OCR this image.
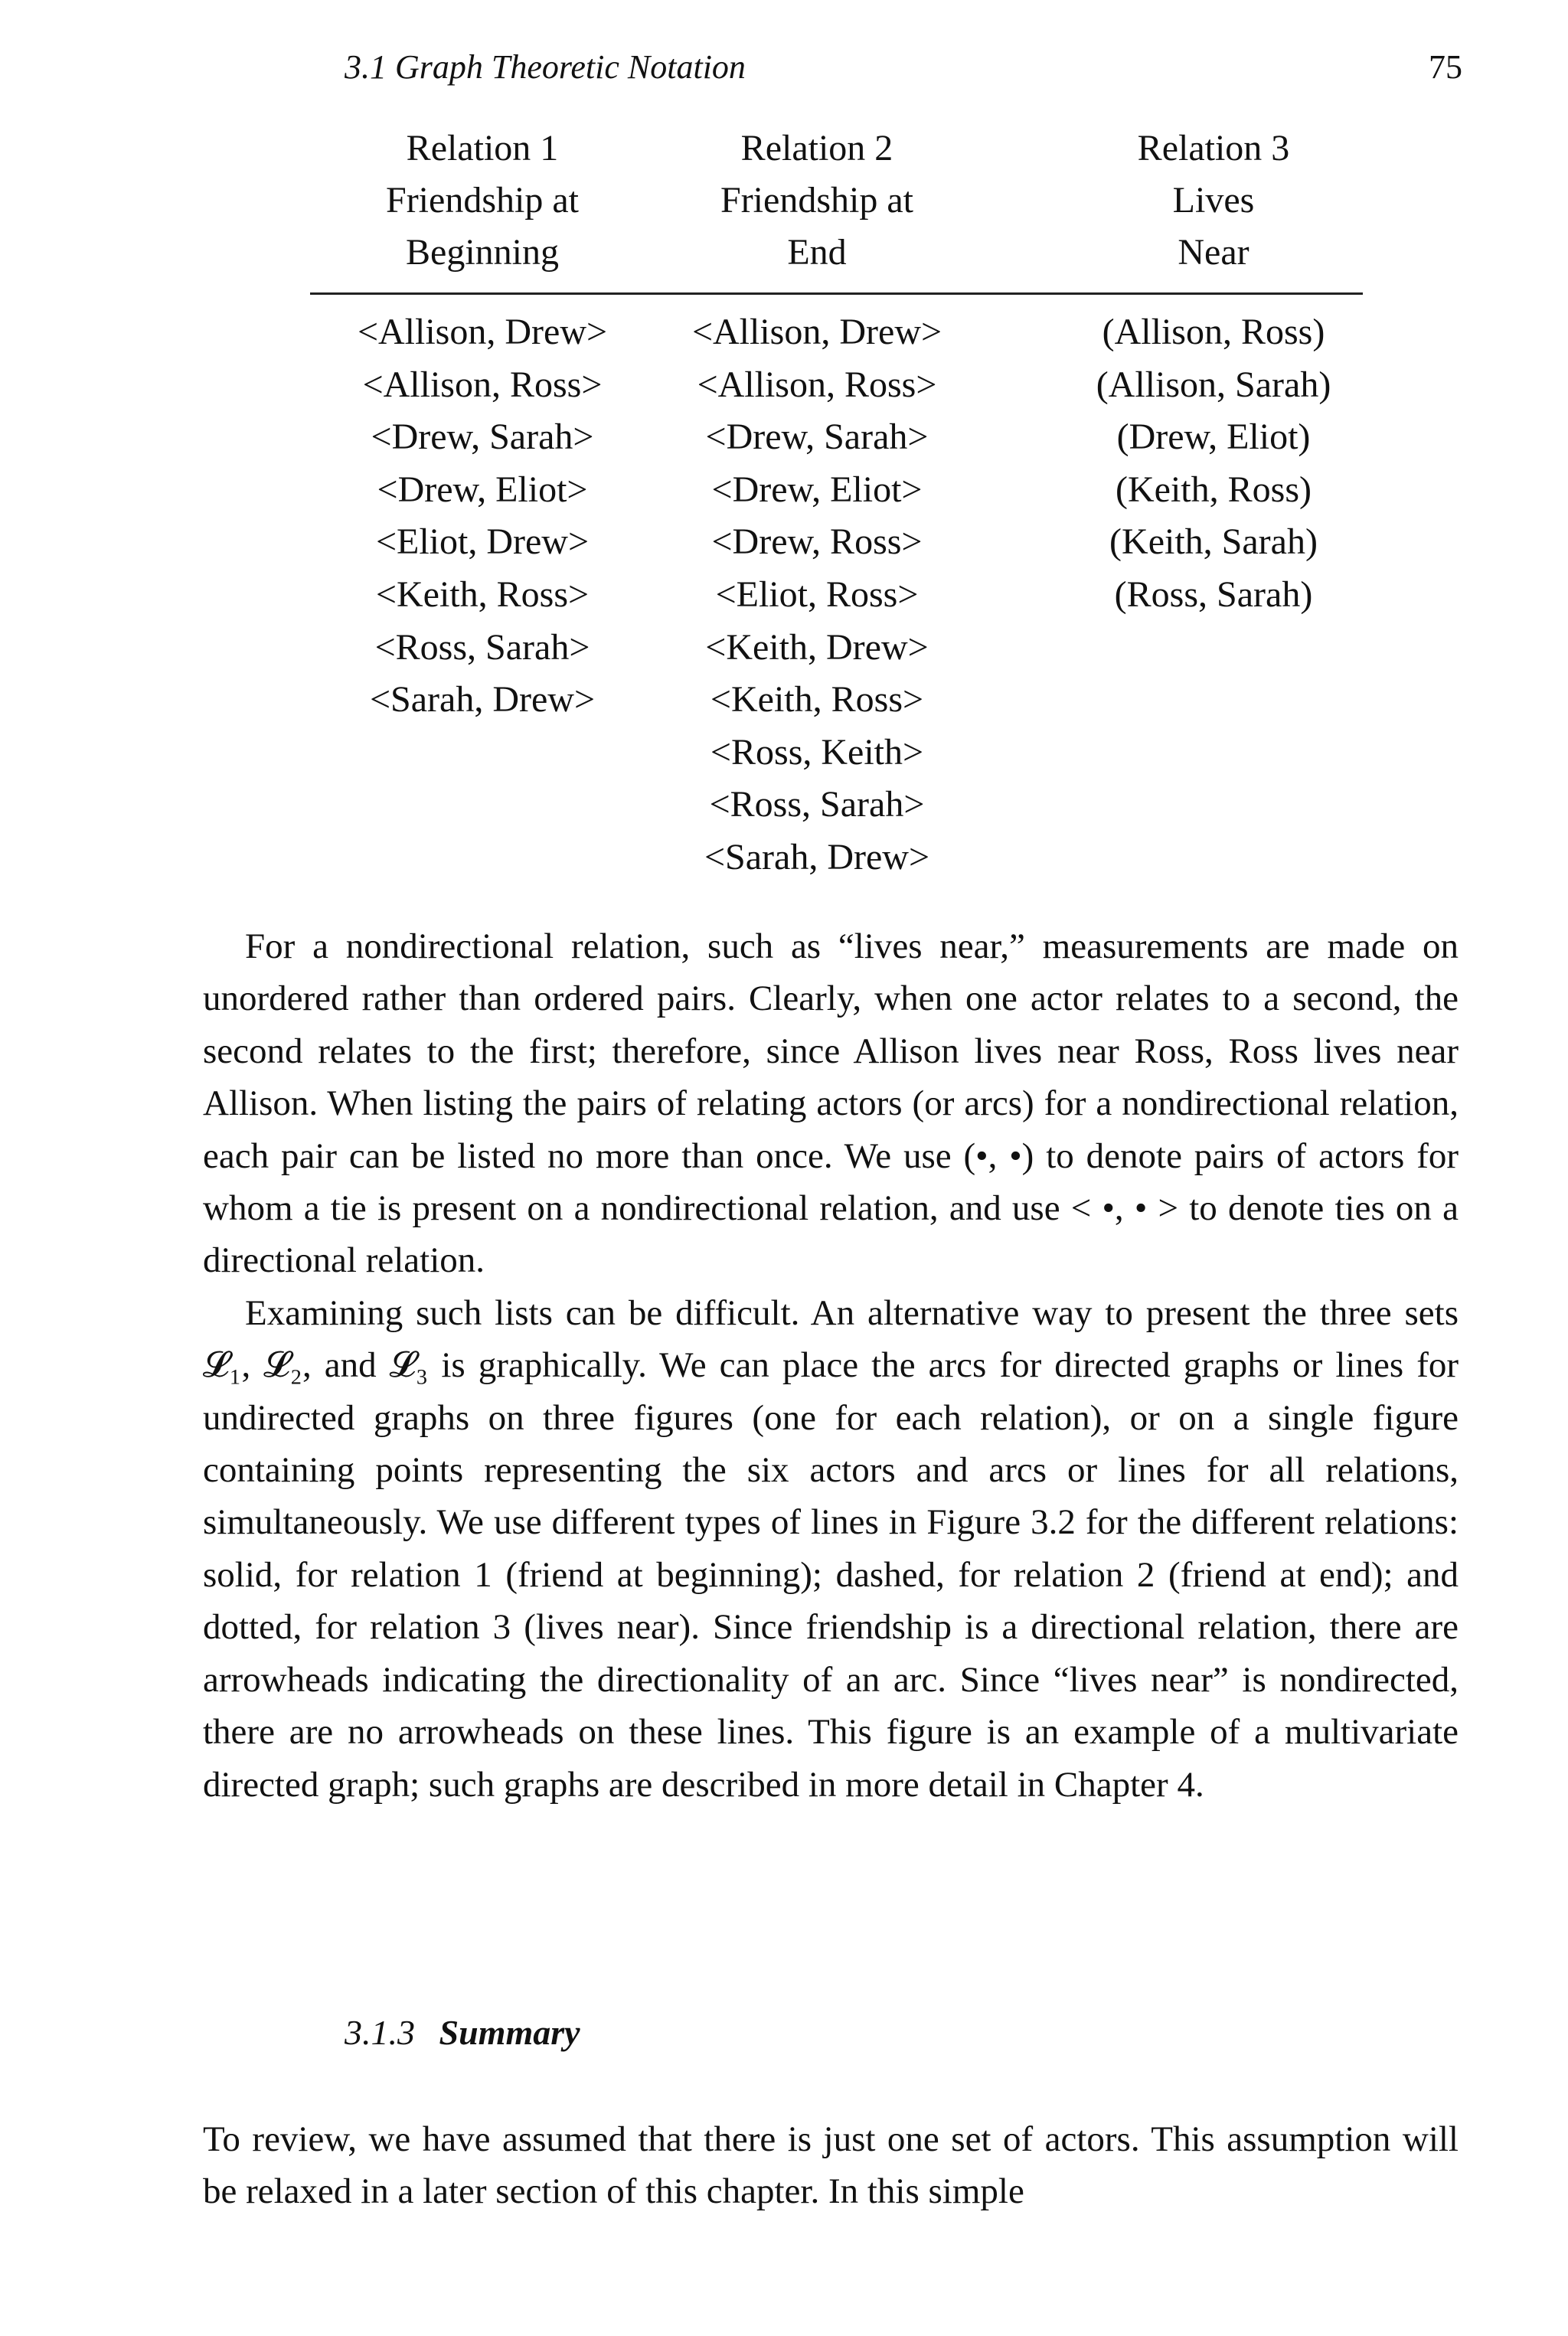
3.1 Graph Theoretic Notation	75
Relation 1
Friendship at
Beginning
Relation 2
Friendship at
End
Relation 3
Lives
Near
<Allison, Drew>
<Allison, Ross>
<Drew, Sarah>
<Drew, Eliot>
<Eliot, Drew>
<Keith, Ross>
<Ross, Sarah>
<Sarah, Drew>
<Allison, Drew>
<Allison, Ross>
<Drew, Sarah>
<Drew, Eliot>
<Drew, Ross>
<Eliot, Ross>
<Keith, Drew>
<Keith, Ross>
<Ross, Keith>
<Ross, Sarah>
<Sarah, Drew>
(Allison, Ross)
(Allison, Sarah)
(Drew, Eliot)
(Keith, Ross)
(Keith, Sarah)
(Ross, Sarah)

For a nondirectional relation, such as “lives near,” measurements are made on unordered rather than ordered pairs. Clearly, when one actor relates to a second, the second relates to the first; therefore, since Allison lives near Ross, Ross lives near Allison. When listing the pairs of relating actors (or arcs) for a nondirectional relation, each pair can be listed no more than once. We use (•, •) to denote pairs of actors for whom a tie is present on a nondirectional relation, and use < •, • > to denote ties on a directional relation.

Examining such lists can be difficult. An alternative way to present the three sets 𝓛₁, 𝓛₂, and 𝓛₃ is graphically. We can place the arcs for directed graphs or lines for undirected graphs on three figures (one for each relation), or on a single figure containing points representing the six actors and arcs or lines for all relations, simultaneously. We use different types of lines in Figure 3.2 for the different relations: solid, for relation 1 (friend at beginning); dashed, for relation 2 (friend at end); and dotted, for relation 3 (lives near). Since friendship is a directional relation, there are arrowheads indicating the directionality of an arc. Since “lives near” is nondirected, there are no arrowheads on these lines. This figure is an example of a multivariate directed graph; such graphs are described in more detail in Chapter 4.

3.1.3 Summary

To review, we have assumed that there is just one set of actors. This assumption will be relaxed in a later section of this chapter. In this simple
